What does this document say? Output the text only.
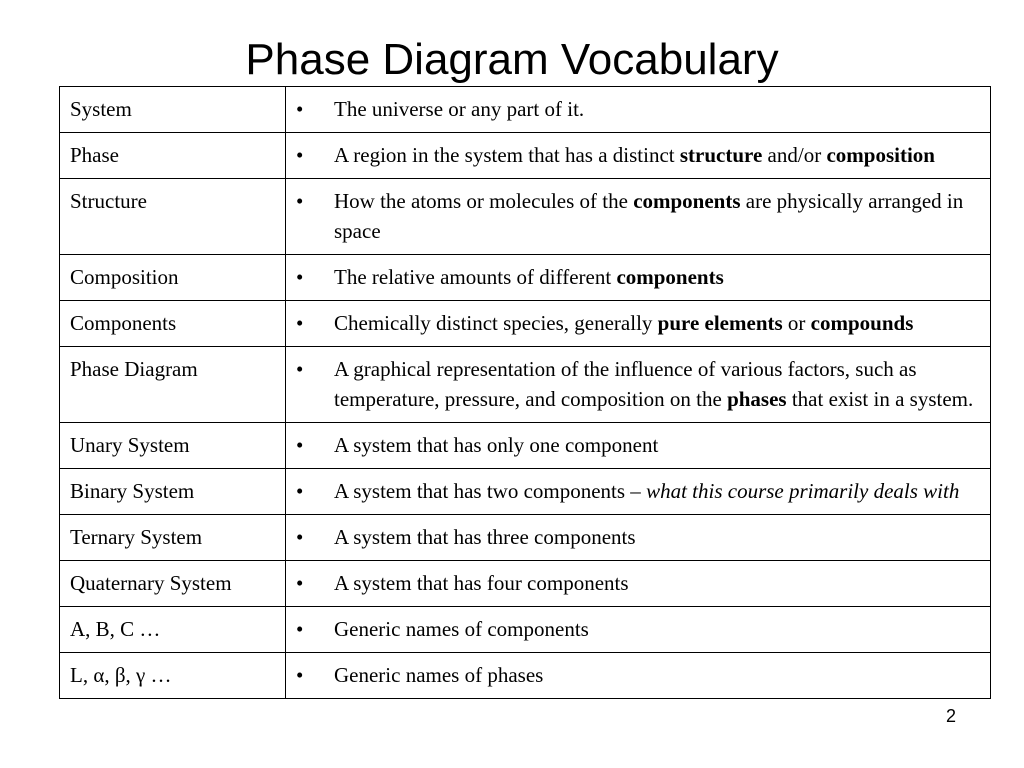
Phase Diagram Vocabulary
System	• The universe or any part of it.
Phase	• A region in the system that has a distinct structure and/or composition
Structure	• How the atoms or molecules of the components are physically arranged in space
Composition	• The relative amounts of different components
Components	• Chemically distinct species, generally pure elements or compounds
Phase Diagram	• A graphical representation of the influence of various factors, such as temperature, pressure, and composition on the phases that exist in a system.
Unary System	• A system that has only one component
Binary System	• A system that has two components – what this course primarily deals with
Ternary System	• A system that has three components
Quaternary System	• A system that has four components
A, B, C …	• Generic names of components
L, α, β, γ …	• Generic names of phases
2
